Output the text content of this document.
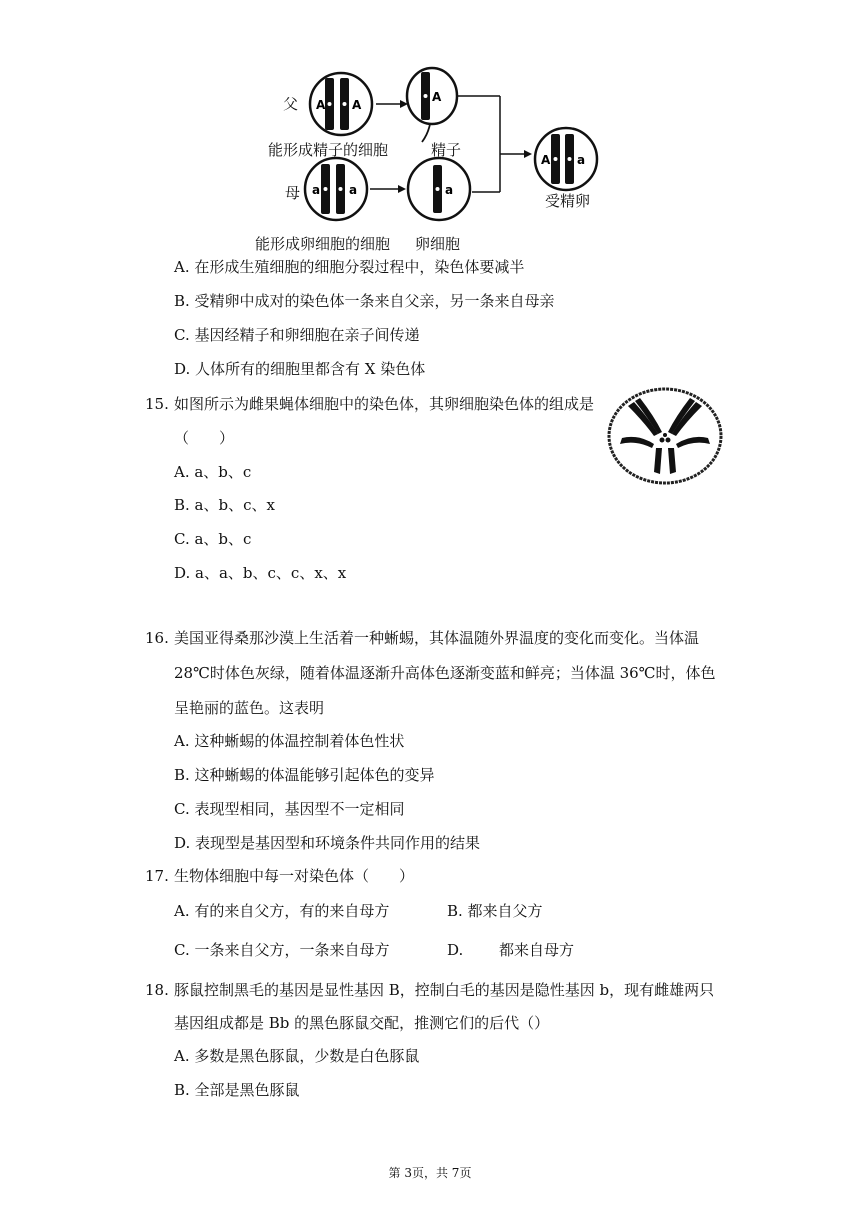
A A
A
A a
a a	a
父
能形成精子的细胞	精子
母	受精卵
能形成卵细胞的细胞 卵细胞
A. 在形成生殖细胞的细胞分裂过程中，染色体要减半
B. 受精卵中成对的染色体一条来自父亲，另一条来自母亲
C. 基因经精子和卵细胞在亲子间传递
D. 人体所有的细胞里都含有 X 染色体
15. 如图所示为雌果蝇体细胞中的染色体，其卵细胞染色体的组成是
（　　）
A. a、b、c
B. a、b、c、x
C. a、b、c
D. a、a、b、c、c、x、x
16. 美国亚得桑那沙漠上生活着一种蜥蜴，其体温随外界温度的变化而变化。当体温
28℃时体色灰绿，随着体温逐渐升高体色逐渐变蓝和鲜亮；当体温 36℃时，体色
呈艳丽的蓝色。这表明
A. 这种蜥蜴的体温控制着体色性状
B. 这种蜥蜴的体温能够引起体色的变异
C. 表现型相同，基因型不一定相同
D. 表现型是基因型和环境条件共同作用的结果
17. 生物体细胞中每一对染色体（　　）
A. 有的来自父方，有的来自母方	B. 都来自父方
C. 一条来自父方，一条来自母方	D. 都来自母方
18. 豚鼠控制黑毛的基因是显性基因 B，控制白毛的基因是隐性基因 b，现有雌雄两只
基因组成都是 Bb 的黑色豚鼠交配，推测它们的后代（）
A. 多数是黑色豚鼠，少数是白色豚鼠
B. 全部是黑色豚鼠
第 3页，共 7页
